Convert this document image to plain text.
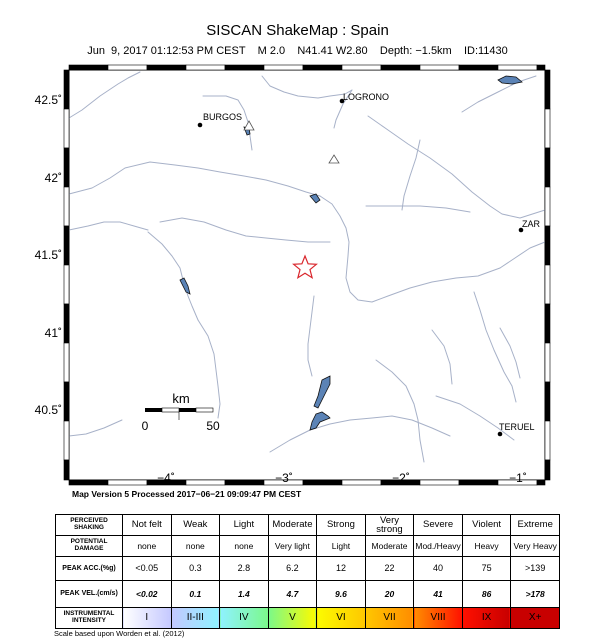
SISCAN ShakeMap : Spain
Jun  9, 2017 01:12:53 PM CEST    M 2.0    N41.41 W2.80    Depth: −1.5km    ID:11430
BURGOS
LOGRONO
ZAR
TERUEL
km
0	50
42.5˚
42˚
41.5˚
41˚
40.5˚
−4˚	−3˚	−2˚	−1˚
Map Version 5 Processed 2017−06−21 09:09:47 PM CEST
PERCEIVED SHAKING	Not felt	Weak	Light	Moderate	Strong	Very strong	Severe	Violent	Extreme
POTENTIAL DAMAGE	none	none	none	Very light	Light	Moderate	Mod./Heavy	Heavy	Very Heavy
PEAK ACC.(%g)	<0.05	0.3	2.8	6.2	12	22	40	75	>139
PEAK VEL.(cm/s)	<0.02	0.1	1.4	4.7	9.6	20	41	86	>178
INSTRUMENTAL INTENSITY	I	II-III	IV	V	VI	VII	VIII	IX	X+
Scale based upon Worden et al. (2012)
